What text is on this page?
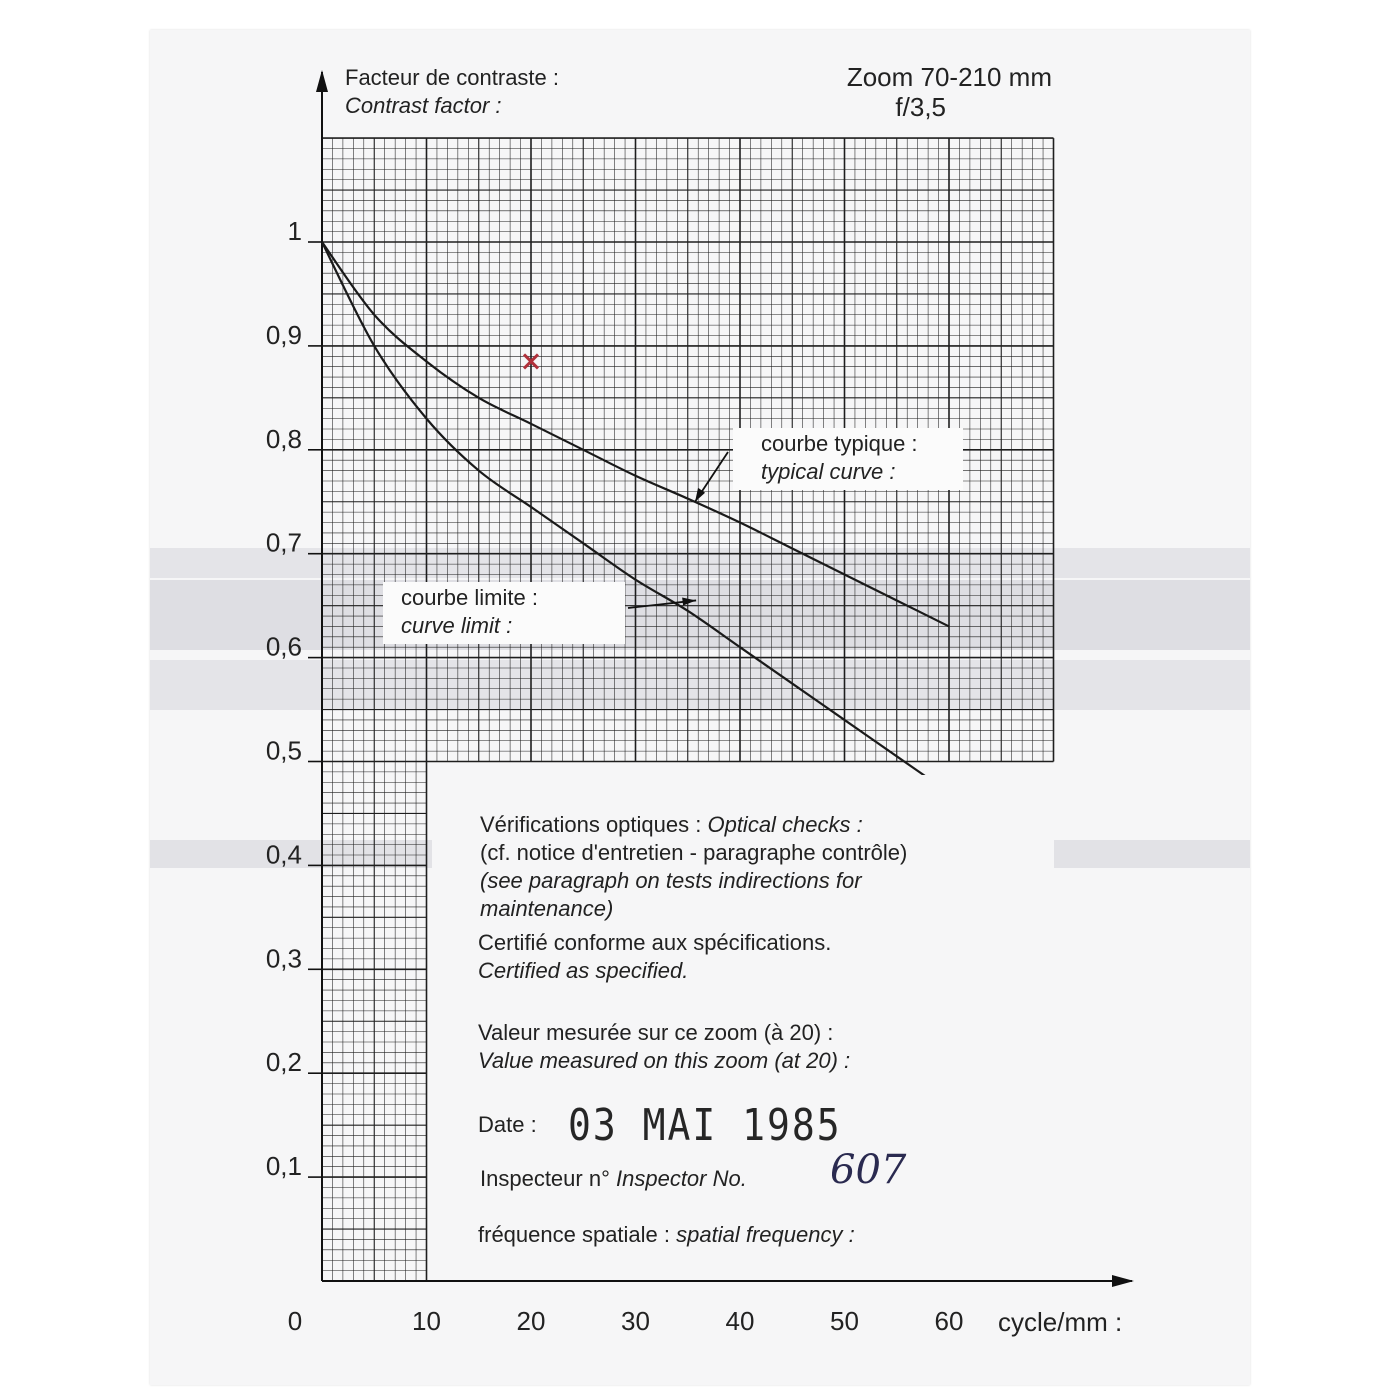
0,1
0,2
0,3
0,4
0,5
0,6
0,7
0,8
0,9
1
0	10	20	30	40	50	60
Facteur de contraste :
Contrast factor :
Zoom 70-210 mm
f/3,5
courbe typique :
typical curve :
courbe limite :
curve limit :
cycle/mm :
Vérifications optiques : Optical checks :
(cf. notice d'entretien - paragraphe contrôle)
(see paragraph on tests indirections for
maintenance)
Certifié conforme aux spécifications.
Certified as specified.
Valeur mesurée sur ce zoom (à 20) :
Value measured on this zoom (at 20) :
Date : 03 MAI 1985
Inspecteur n° Inspector No. 607
fréquence spatiale : spatial frequency :
